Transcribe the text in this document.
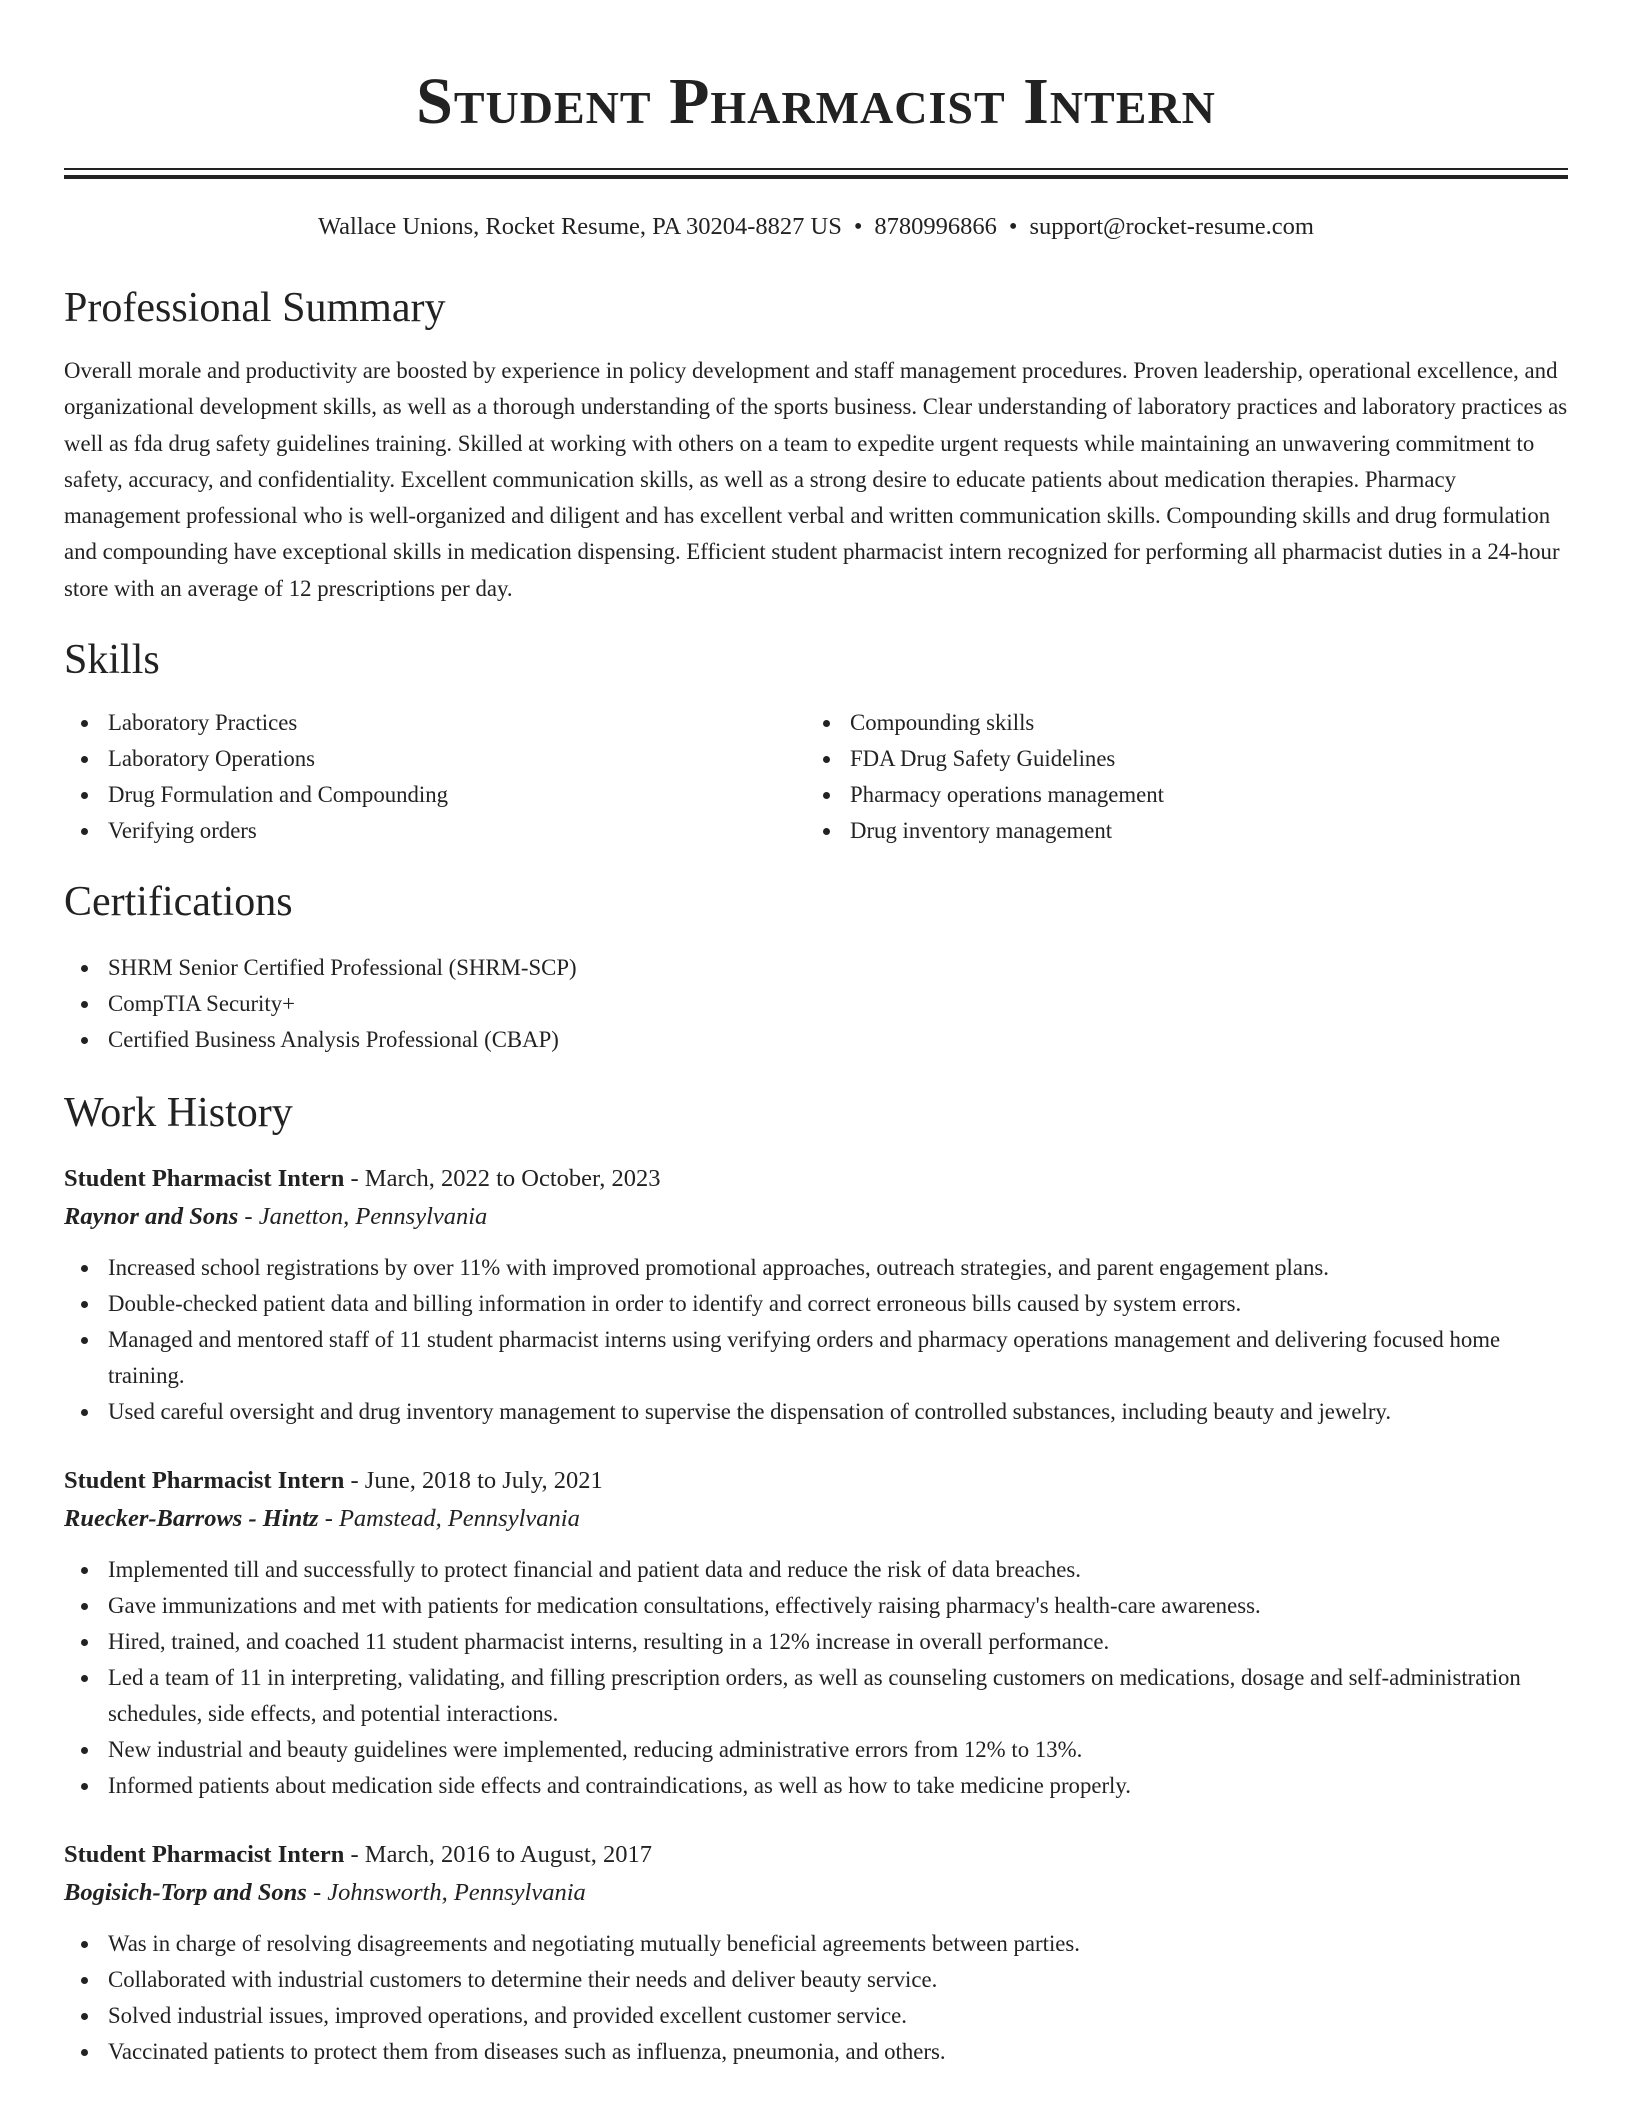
Student Pharmacist Intern
Wallace Unions, Rocket Resume, PA 30204-8827 US • 8780996866 • support@rocket-resume.com
Professional Summary
Overall morale and productivity are boosted by experience in policy development and staff management procedures. Proven leadership, operational excellence, and organizational development skills, as well as a thorough understanding of the sports business. Clear understanding of laboratory practices and laboratory practices as well as fda drug safety guidelines training. Skilled at working with others on a team to expedite urgent requests while maintaining an unwavering commitment to safety, accuracy, and confidentiality. Excellent communication skills, as well as a strong desire to educate patients about medication therapies. Pharmacy management professional who is well-organized and diligent and has excellent verbal and written communication skills. Compounding skills and drug formulation and compounding have exceptional skills in medication dispensing. Efficient student pharmacist intern recognized for performing all pharmacist duties in a 24-hour store with an average of 12 prescriptions per day.
Skills
Laboratory Practices
Laboratory Operations
Drug Formulation and Compounding
Verifying orders
Compounding skills
FDA Drug Safety Guidelines
Pharmacy operations management
Drug inventory management
Certifications
SHRM Senior Certified Professional (SHRM-SCP)
CompTIA Security+
Certified Business Analysis Professional (CBAP)
Work History
Student Pharmacist Intern - March, 2022 to October, 2023
Raynor and Sons - Janetton, Pennsylvania
Increased school registrations by over 11% with improved promotional approaches, outreach strategies, and parent engagement plans.
Double-checked patient data and billing information in order to identify and correct erroneous bills caused by system errors.
Managed and mentored staff of 11 student pharmacist interns using verifying orders and pharmacy operations management and delivering focused home training.
Used careful oversight and drug inventory management to supervise the dispensation of controlled substances, including beauty and jewelry.
Student Pharmacist Intern - June, 2018 to July, 2021
Ruecker-Barrows - Hintz - Pamstead, Pennsylvania
Implemented till and successfully to protect financial and patient data and reduce the risk of data breaches.
Gave immunizations and met with patients for medication consultations, effectively raising pharmacy's health-care awareness.
Hired, trained, and coached 11 student pharmacist interns, resulting in a 12% increase in overall performance.
Led a team of 11 in interpreting, validating, and filling prescription orders, as well as counseling customers on medications, dosage and self-administration schedules, side effects, and potential interactions.
New industrial and beauty guidelines were implemented, reducing administrative errors from 12% to 13%.
Informed patients about medication side effects and contraindications, as well as how to take medicine properly.
Student Pharmacist Intern - March, 2016 to August, 2017
Bogisich-Torp and Sons - Johnsworth, Pennsylvania
Was in charge of resolving disagreements and negotiating mutually beneficial agreements between parties.
Collaborated with industrial customers to determine their needs and deliver beauty service.
Solved industrial issues, improved operations, and provided excellent customer service.
Vaccinated patients to protect them from diseases such as influenza, pneumonia, and others.
